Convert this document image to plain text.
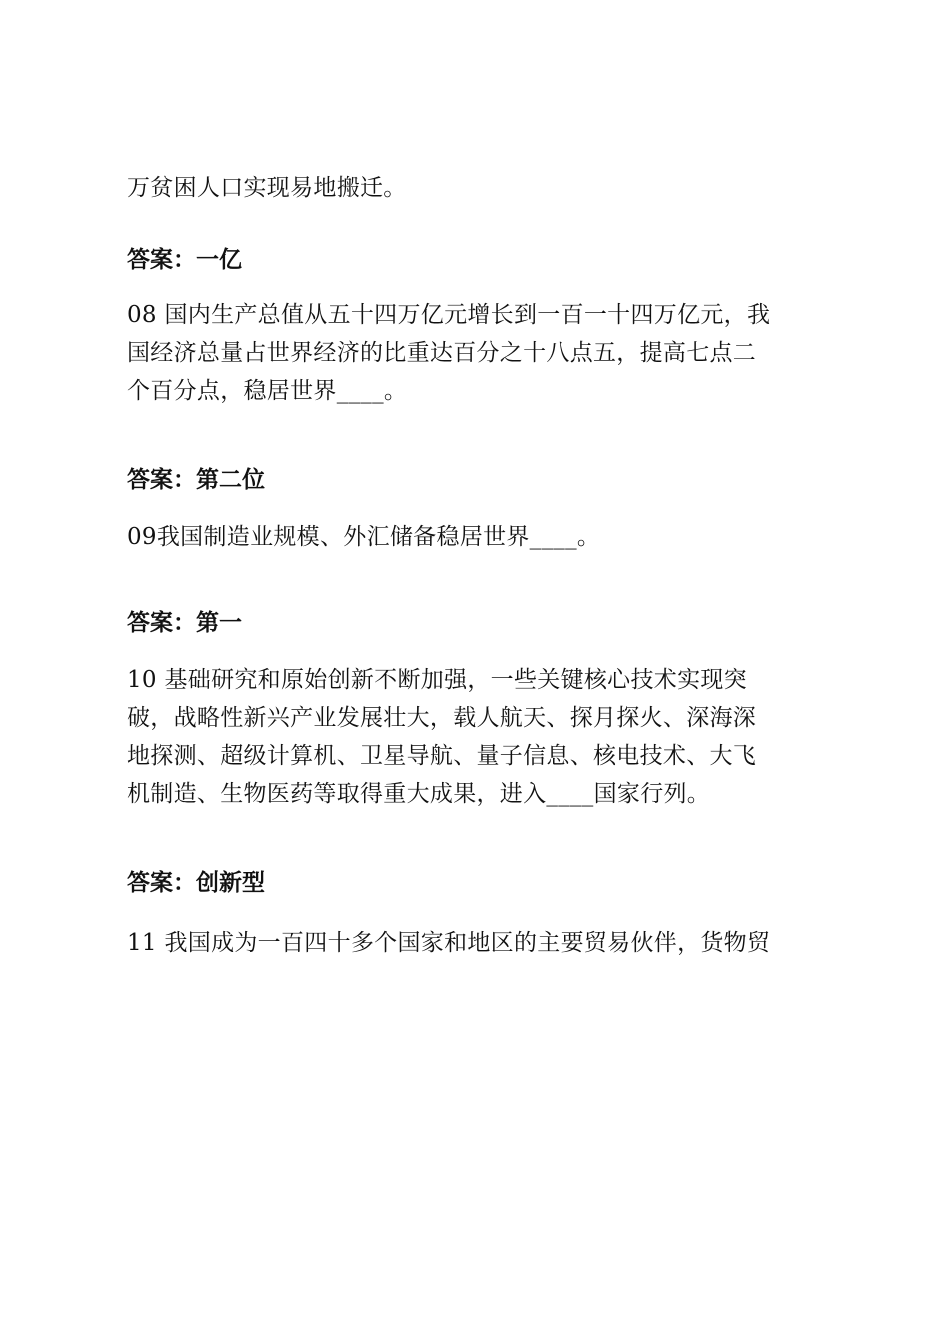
万贫困人口实现易地搬迁。
答案：一亿
08 国内生产总值从五十四万亿元增长到一百一十四万亿元，我
国经济总量占世界经济的比重达百分之十八点五，提高七点二
个百分点，稳居世界____。
答案：第二位
09我国制造业规模、外汇储备稳居世界____。
答案：第一
10 基础研究和原始创新不断加强，一些关键核心技术实现突
破，战略性新兴产业发展壮大，载人航天、探月探火、深海深
地探测、超级计算机、卫星导航、量子信息、核电技术、大飞
机制造、生物医药等取得重大成果，进入____国家行列。
答案：创新型
11 我国成为一百四十多个国家和地区的主要贸易伙伴，货物贸
